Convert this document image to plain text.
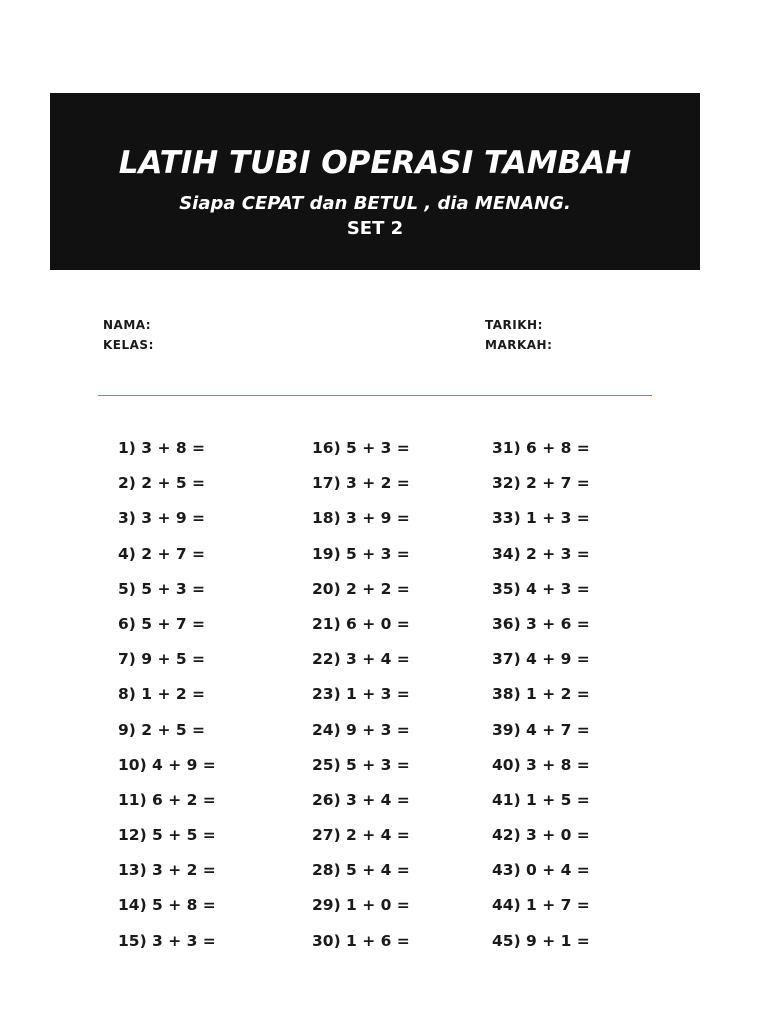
LATIH TUBI OPERASI TAMBAH
Siapa CEPAT dan BETUL , dia MENANG.
SET 2
NAMA:
KELAS:
TARIKH:
MARKAH:
1) 3 + 8 =
2) 2 + 5 =
3) 3 + 9 =
4) 2 + 7 =
5) 5 + 3 =
6) 5 + 7 =
7) 9 + 5 =
8) 1 + 2 =
9) 2 + 5 =
10) 4 + 9 =
11) 6 + 2 =
12) 5 + 5 =
13) 3 + 2 =
14) 5 + 8 =
15) 3 + 3 =
16) 5 + 3 =
17) 3 + 2 =
18) 3 + 9 =
19) 5 + 3 =
20) 2 + 2 =
21) 6 + 0 =
22) 3 + 4 =
23) 1 + 3 =
24) 9 + 3 =
25) 5 + 3 =
26) 3 + 4 =
27) 2 + 4 =
28) 5 + 4 =
29) 1 + 0 =
30) 1 + 6 =
31) 6 + 8 =
32) 2 + 7 =
33) 1 + 3 =
34) 2 + 3 =
35) 4 + 3 =
36) 3 + 6 =
37) 4 + 9 =
38) 1 + 2 =
39) 4 + 7 =
40) 3 + 8 =
41) 1 + 5 =
42) 3 + 0 =
43) 0 + 4 =
44) 1 + 7 =
45) 9 + 1 =
